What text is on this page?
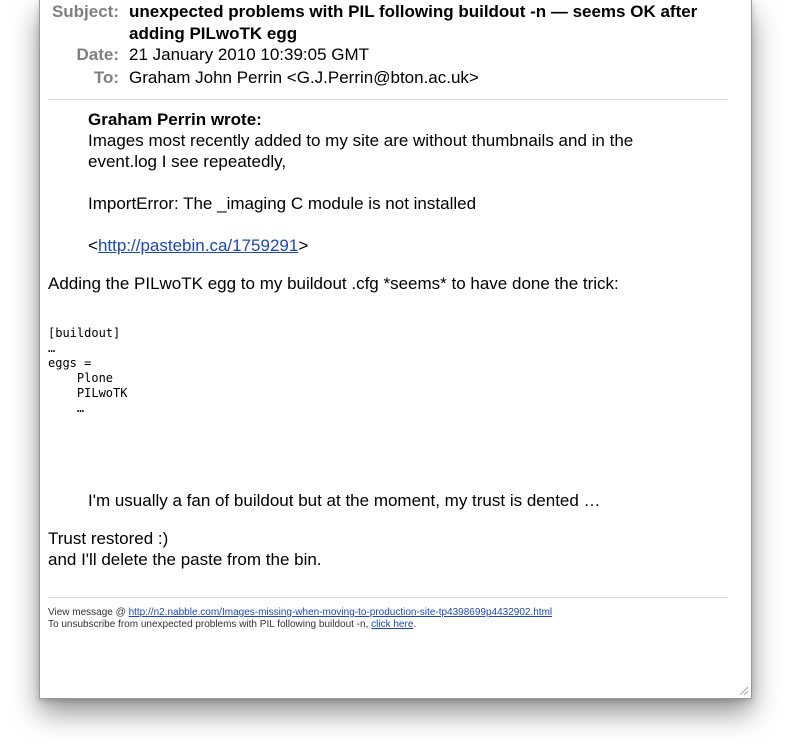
Subject: unexpected problems with PIL following buildout -n — seems OK after
adding PILwoTK egg
Date: 21 January 2010 10:39:05 GMT
To: Graham John Perrin <G.J.Perrin@bton.ac.uk>
Graham Perrin wrote:
Images most recently added to my site are without thumbnails and in the
event.log I see repeatedly,
ImportError: The _imaging C module is not installed
<http://pastebin.ca/1759291>
Adding the PILwoTK egg to my buildout .cfg *seems* to have done the trick:
[buildout]
…
eggs =
Plone
PILwoTK
…
I'm usually a fan of buildout but at the moment, my trust is dented …
Trust restored :)
and I'll delete the paste from the bin.
View message @ http://n2.nabble.com/Images-missing-when-moving-to-production-site-tp4398699p4432902.html
To unsubscribe from unexpected problems with PIL following buildout -n, click here.
